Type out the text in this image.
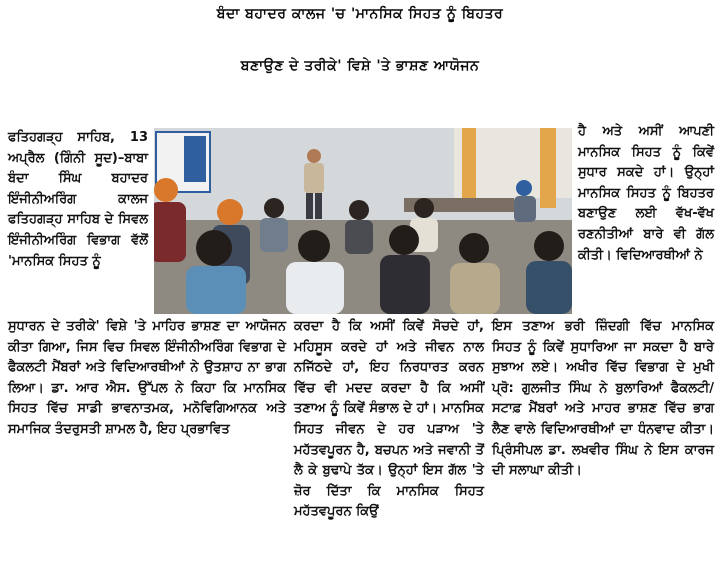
ਬੰਦਾ ਬਹਾਦਰ ਕਾਲਜ 'ਚ 'ਮਾਨਸਿਕ ਸਿਹਤ ਨੂੰ ਬਿਹਤਰ
ਬਣਾਉਣ ਦੇ ਤਰੀਕੇ' ਵਿਸ਼ੇ 'ਤੇ ਭਾਸ਼ਣ ਆਯੋਜਨ

ਫਤਿਹਗੜ੍ਹ ਸਾਹਿਬ, 13 ਅਪ੍ਰੈਲ (ਗਿੰਨੀ ਸੂਦ)–ਬਾਬਾ ਬੰਦਾ ਸਿੰਘ ਬਹਾਦਰ ਇੰਜੀਨੀਅਰਿੰਗ ਕਾਲਜ ਫਤਿਹਗੜ੍ਹ ਸਾਹਿਬ ਦੇ ਸਿਵਲ ਇੰਜੀਨੀਅਰਿੰਗ ਵਿਭਾਗ ਵੱਲੋਂ 'ਮਾਨਸਿਕ ਸਿਹਤ ਨੂੰ

ਹੈ ਅਤੇ ਅਸੀਂ ਆਪਣੀ ਮਾਨਸਿਕ ਸਿਹਤ ਨੂੰ ਕਿਵੇਂ ਸੁਧਾਰ ਸਕਦੇ ਹਾਂ। ਉਨ੍ਹਾਂ ਮਾਨਸਿਕ ਸਿਹਤ ਨੂੰ ਬਿਹਤਰ ਬਣਾਉਣ ਲਈ ਵੱਖ-ਵੱਖ ਰਣਨੀਤੀਆਂ ਬਾਰੇ ਵੀ ਗੱਲ ਕੀਤੀ। ਵਿਦਿਆਰਥੀਆਂ ਨੇ

ਸੁਧਾਰਨ ਦੇ ਤਰੀਕੇ' ਵਿਸ਼ੇ 'ਤੇ ਮਾਹਿਰ ਭਾਸ਼ਣ ਦਾ ਆਯੋਜਨ ਕੀਤਾ ਗਿਆ, ਜਿਸ ਵਿਚ ਸਿਵਲ ਇੰਜੀਨੀਅਰਿੰਗ ਵਿਭਾਗ ਦੇ ਫੈਕਲਟੀ ਮੈਂਬਰਾਂ ਅਤੇ ਵਿਦਿਆਰਥੀਆਂ ਨੇ ਉਤਸ਼ਾਹ ਨਾ ਭਾਗ ਲਿਆ। ਡਾ. ਆਰ ਐਸ. ਉੱਪਲ ਨੇ ਕਿਹਾ ਕਿ ਮਾਨਸਿਕ ਸਿਹਤ ਵਿੱਚ ਸਾਡੀ ਭਾਵਨਾਤਮਕ, ਮਨੋਵਿਗਿਆਨਕ ਅਤੇ ਸਮਾਜਿਕ ਤੰਦਰੁਸਤੀ ਸ਼ਾਮਲ ਹੈ, ਇਹ ਪ੍ਰਭਾਵਿਤ

ਕਰਦਾ ਹੈ ਕਿ ਅਸੀਂ ਕਿਵੇਂ ਸੋਚਦੇ ਹਾਂ, ਮਹਿਸੂਸ ਕਰਦੇ ਹਾਂ ਅਤੇ ਜੀਵਨ ਨਾਲ ਨਜਿੱਠਦੇ ਹਾਂ, ਇਹ ਨਿਰਧਾਰਤ ਕਰਨ ਵਿੱਚ ਵੀ ਮਦਦ ਕਰਦਾ ਹੈ ਕਿ ਅਸੀਂ ਤਣਾਅ ਨੂੰ ਕਿਵੇਂ ਸੰਭਾਲ ਦੇ ਹਾਂ। ਮਾਨਸਿਕ ਸਿਹਤ ਜੀਵਨ ਦੇ ਹਰ ਪੜਾਅ 'ਤੇ ਮਹੱਤਵਪੂਰਨ ਹੈ, ਬਚਪਨ ਅਤੇ ਜਵਾਨੀ ਤੋਂ ਲੈ ਕੇ ਬੁਢਾਪੇ ਤੱਕ। ਉਨ੍ਹਾਂ ਇਸ ਗੱਲ 'ਤੇ ਜ਼ੋਰ ਦਿੱਤਾ ਕਿ ਮਾਨਸਿਕ ਸਿਹਤ ਮਹੱਤਵਪੂਰਨ ਕਿਉਂ

ਇਸ ਤਣਾਅ ਭਰੀ ਜ਼ਿੰਦਗੀ ਵਿੱਚ ਮਾਨਸਿਕ ਸਿਹਤ ਨੂੰ ਕਿਵੇਂ ਸੁਧਾਰਿਆ ਜਾ ਸਕਦਾ ਹੈ ਬਾਰੇ ਸੁਝਾਅ ਲਏ। ਅਖੀਰ ਵਿੱਚ ਵਿਭਾਗ ਦੇ ਮੁਖੀ ਪ੍ਰੋ: ਗੁਲਜੀਤ ਸਿੰਘ ਨੇ ਬੁਲਾਰਿਆਂ ਫੈਕਲਟੀ/ਸਟਾਫ਼ ਮੈਂਬਰਾਂ ਅਤੇ ਮਾਹਰ ਭਾਸ਼ਣ ਵਿੱਚ ਭਾਗ ਲੈਣ ਵਾਲੇ ਵਿਦਿਆਰਥੀਆਂ ਦਾ ਧੰਨਵਾਦ ਕੀਤਾ। ਪ੍ਰਿੰਸੀਪਲ ਡਾ. ਲਖਵੀਰ ਸਿੰਘ ਨੇ ਇਸ ਕਾਰਜ ਦੀ ਸਲਾਘਾ ਕੀਤੀ।
